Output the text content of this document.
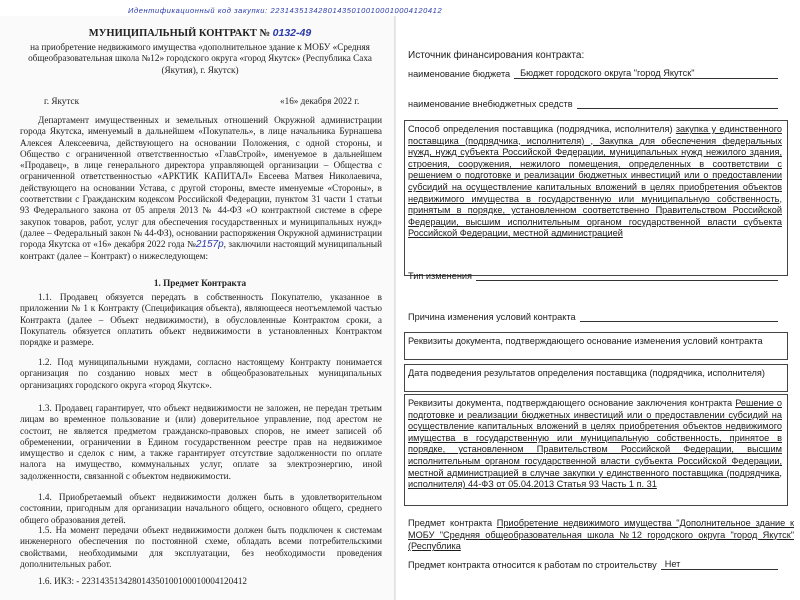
Идентификационный код закупки: 223143513428014350100100010004120412
МУНИЦИПАЛЬНЫЙ КОНТРАКТ № 0132-49
на приобретение недвижимого имущества «дополнительное здание к МОБУ «Средняя общеобразовательная школа №12» городского округа «город Якутск» (Республика Саха (Якутия), г. Якутск)
г. Якутск	«16» декабря 2022 г.
Департамент имущественных и земельных отношений Окружной администрации города Якутска, именуемый в дальнейшем «Покупатель», в лице начальника Бурнашева Алексея Алексеевича, действующего на основании Положения, с одной стороны, и Общество с ограниченной ответственностью «ГлавСтрой», именуемое в дальнейшем «Продавец», в лице генерального директора управляющей организации – Общества с ограниченной ответственностью «АРКТИК КАПИТАЛ» Евсеева Матвея Николаевича, действующего на основании Устава, с другой стороны, вместе именуемые «Стороны», в соответствии с Гражданским кодексом Российской Федерации, пунктом 31 части 1 статьи 93 Федерального закона от 05 апреля 2013 № 44-ФЗ «О контрактной системе в сфере закупок товаров, работ, услуг для обеспечения государственных и муниципальных нужд» (далее – Федеральный закон № 44-ФЗ), основании распоряжения Окружной администрации города Якутска от «16» декабря 2022 года №2157р, заключили настоящий муниципальный контракт (далее – Контракт) о нижеследующем:
1. Предмет Контракта
1.1. Продавец обязуется передать в собственность Покупателю, указанное в приложении № 1 к Контракту (Спецификация объекта), являющееся неотъемлемой частью Контракта (далее – Объект недвижимости), в обусловленные Контрактом сроки, а Покупатель обязуется оплатить объект недвижимости в установленных Контрактом порядке и размере.
1.2. Под муниципальными нуждами, согласно настоящему Контракту понимается организация по созданию новых мест в общеобразовательных муниципальных организациях городского округа «город Якутск».
1.3. Продавец гарантирует, что объект недвижимости не заложен, не передан третьим лицам во временное пользование и (или) доверительное управление, под арестом не состоит, не является предметом гражданско-правовых споров, не имеет записей об обременении, ограничении в Едином государственном реестре прав на недвижимое имущество и сделок с ним, а также гарантирует отсутствие задолженности по оплате налога на имущество, коммунальных услуг, оплате за электроэнергию, иной задолженности, связанной с объектом недвижимости.
1.4. Приобретаемый объект недвижимости должен быть в удовлетворительном состоянии, пригодным для организации начального общего, основного общего, среднего общего образования детей.
1.5. На момент передачи объект недвижимости должен быть подключен к системам инженерного обеспечения по постоянной схеме, обладать всеми потребительскими свойствами, необходимыми для эксплуатации, без необходимости проведения дополнительных работ.
1.6. ИКЗ: - 223143513428014350100100010004120412
Источник финансирования контракта:
наименование бюджета	Бюджет городского округа "город Якутск"
наименование внебюджетных средств
Способ определения поставщика (подрядчика, исполнителя) закупка у единственного поставщика (подрядчика, исполнителя) , Закупка для обеспечения федеральных нужд, нужд субъекта Российской Федерации, муниципальных нужд нежилого здания, строения, сооружения, нежилого помещения, определенных в соответствии с решением о подготовке и реализации бюджетных инвестиций или о предоставлении субсидий на осуществление капитальных вложений в целях приобретения объектов недвижимого имущества в государственную или муниципальную собственность, принятым в порядке, установленном соответственно Правительством Российской Федерации, высшим исполнительным органом государственной власти субъекта Российской Федерации, местной администрацией
Тип изменения
Причина изменения условий контракта
Реквизиты документа, подтверждающего основание изменения условий контракта
Дата подведения результатов определения поставщика (подрядчика, исполнителя)
Реквизиты документа, подтверждающего основание заключения контракта Решение о подготовке и реализации бюджетных инвестиций или о предоставлении субсидий на осуществление капитальных вложений в целях приобретения объектов недвижимого имущества в государственную или муниципальную собственность, принятое в порядке, установленном Правительством Российской Федерации, высшим исполнительным органом государственной власти субъекта Российской Федерации, местной администрацией в случае закупки у единственного поставщика (подрядчика, исполнителя) 44-ФЗ от 05.04.2013 Статья 93 Часть 1 п. 31
Предмет контракта Приобретение недвижимого имущества "Дополнительное здание к МОБУ "Средняя общеобразовательная школа №12 городского округа "город Якутск" (Республика
Предмет контракта относится к работам по строительству Нет
